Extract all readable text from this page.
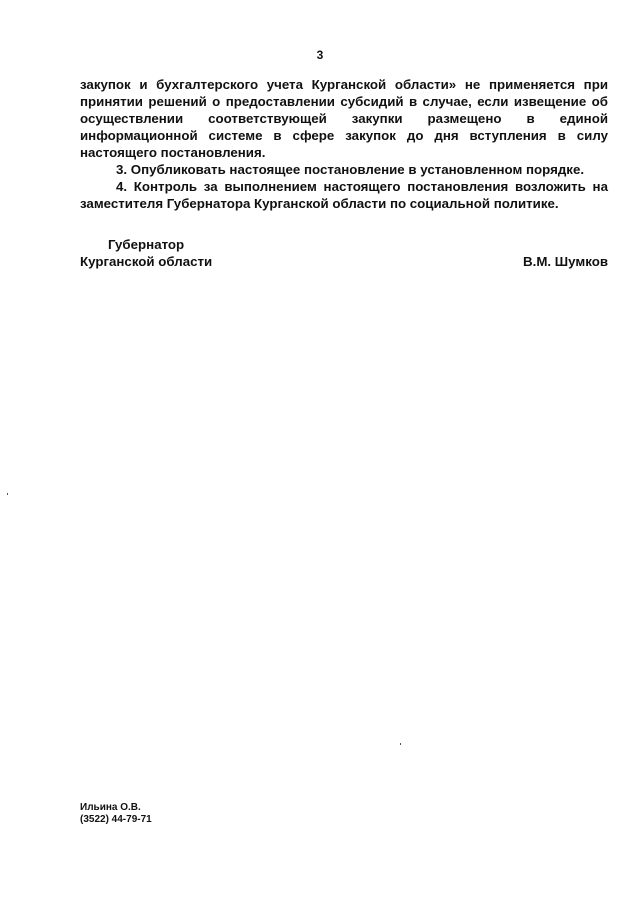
3

закупок и бухгалтерского учета Курганской области» не применяется при принятии решений о предоставлении субсидий в случае, если извещение об осуществлении соответствующей закупки размещено в единой информационной системе в сфере закупок до дня вступления в силу настоящего постановления.

3. Опубликовать настоящее постановление в установленном порядке.

4. Контроль за выполнением настоящего постановления возложить на заместителя Губернатора Курганской области по социальной политике.

Губернатор
Курганской области	В.М. Шумков
Ильина О.В.
(3522) 44-79-71
